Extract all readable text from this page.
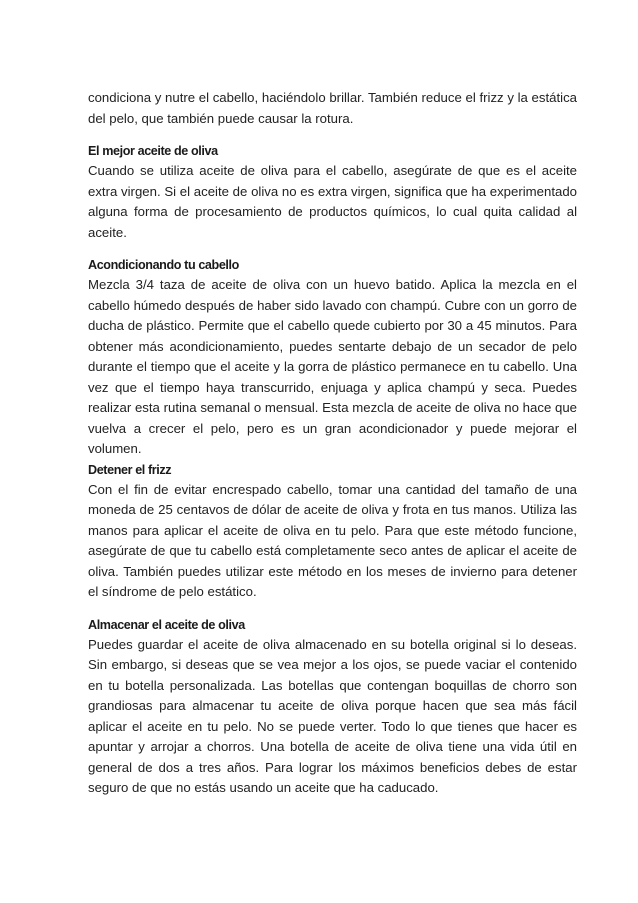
condiciona y nutre el cabello, haciéndolo brillar. También reduce el frizz y la estática del pelo, que también puede causar la rotura.

El mejor aceite de oliva

Cuando se utiliza aceite de oliva para el cabello, asegúrate de que es el aceite extra virgen. Si el aceite de oliva no es extra virgen, significa que ha experimentado alguna forma de procesamiento de productos químicos, lo cual quita calidad al aceite.

Acondicionando tu cabello

Mezcla 3/4 taza de aceite de oliva con un huevo batido. Aplica la mezcla en el cabello húmedo después de haber sido lavado con champú. Cubre con un gorro de ducha de plástico. Permite que el cabello quede cubierto por 30 a 45 minutos. Para obtener más acondicionamiento, puedes sentarte debajo de un secador de pelo durante el tiempo que el aceite y la gorra de plástico permanece en tu cabello. Una vez que el tiempo haya transcurrido, enjuaga y aplica champú y seca. Puedes realizar esta rutina semanal o mensual. Esta mezcla de aceite de oliva no hace que vuelva a crecer el pelo, pero es un gran acondicionador y puede mejorar el volumen.

Detener el frizz

Con el fin de evitar encrespado cabello, tomar una cantidad del tamaño de una moneda de 25 centavos de dólar de aceite de oliva y frota en tus manos. Utiliza las manos para aplicar el aceite de oliva en tu pelo. Para que este método funcione, asegúrate de que tu cabello está completamente seco antes de aplicar el aceite de oliva. También puedes utilizar este método en los meses de invierno para detener el síndrome de pelo estático.

Almacenar el aceite de oliva

Puedes guardar el aceite de oliva almacenado en su botella original si lo deseas. Sin embargo, si deseas que se vea mejor a los ojos, se puede vaciar el contenido en tu botella personalizada. Las botellas que contengan boquillas de chorro son grandiosas para almacenar tu aceite de oliva porque hacen que sea más fácil aplicar el aceite en tu pelo. No se puede verter. Todo lo que tienes que hacer es apuntar y arrojar a chorros. Una botella de aceite de oliva tiene una vida útil en general de dos a tres años. Para lograr los máximos beneficios debes de estar seguro de que no estás usando un aceite que ha caducado.
